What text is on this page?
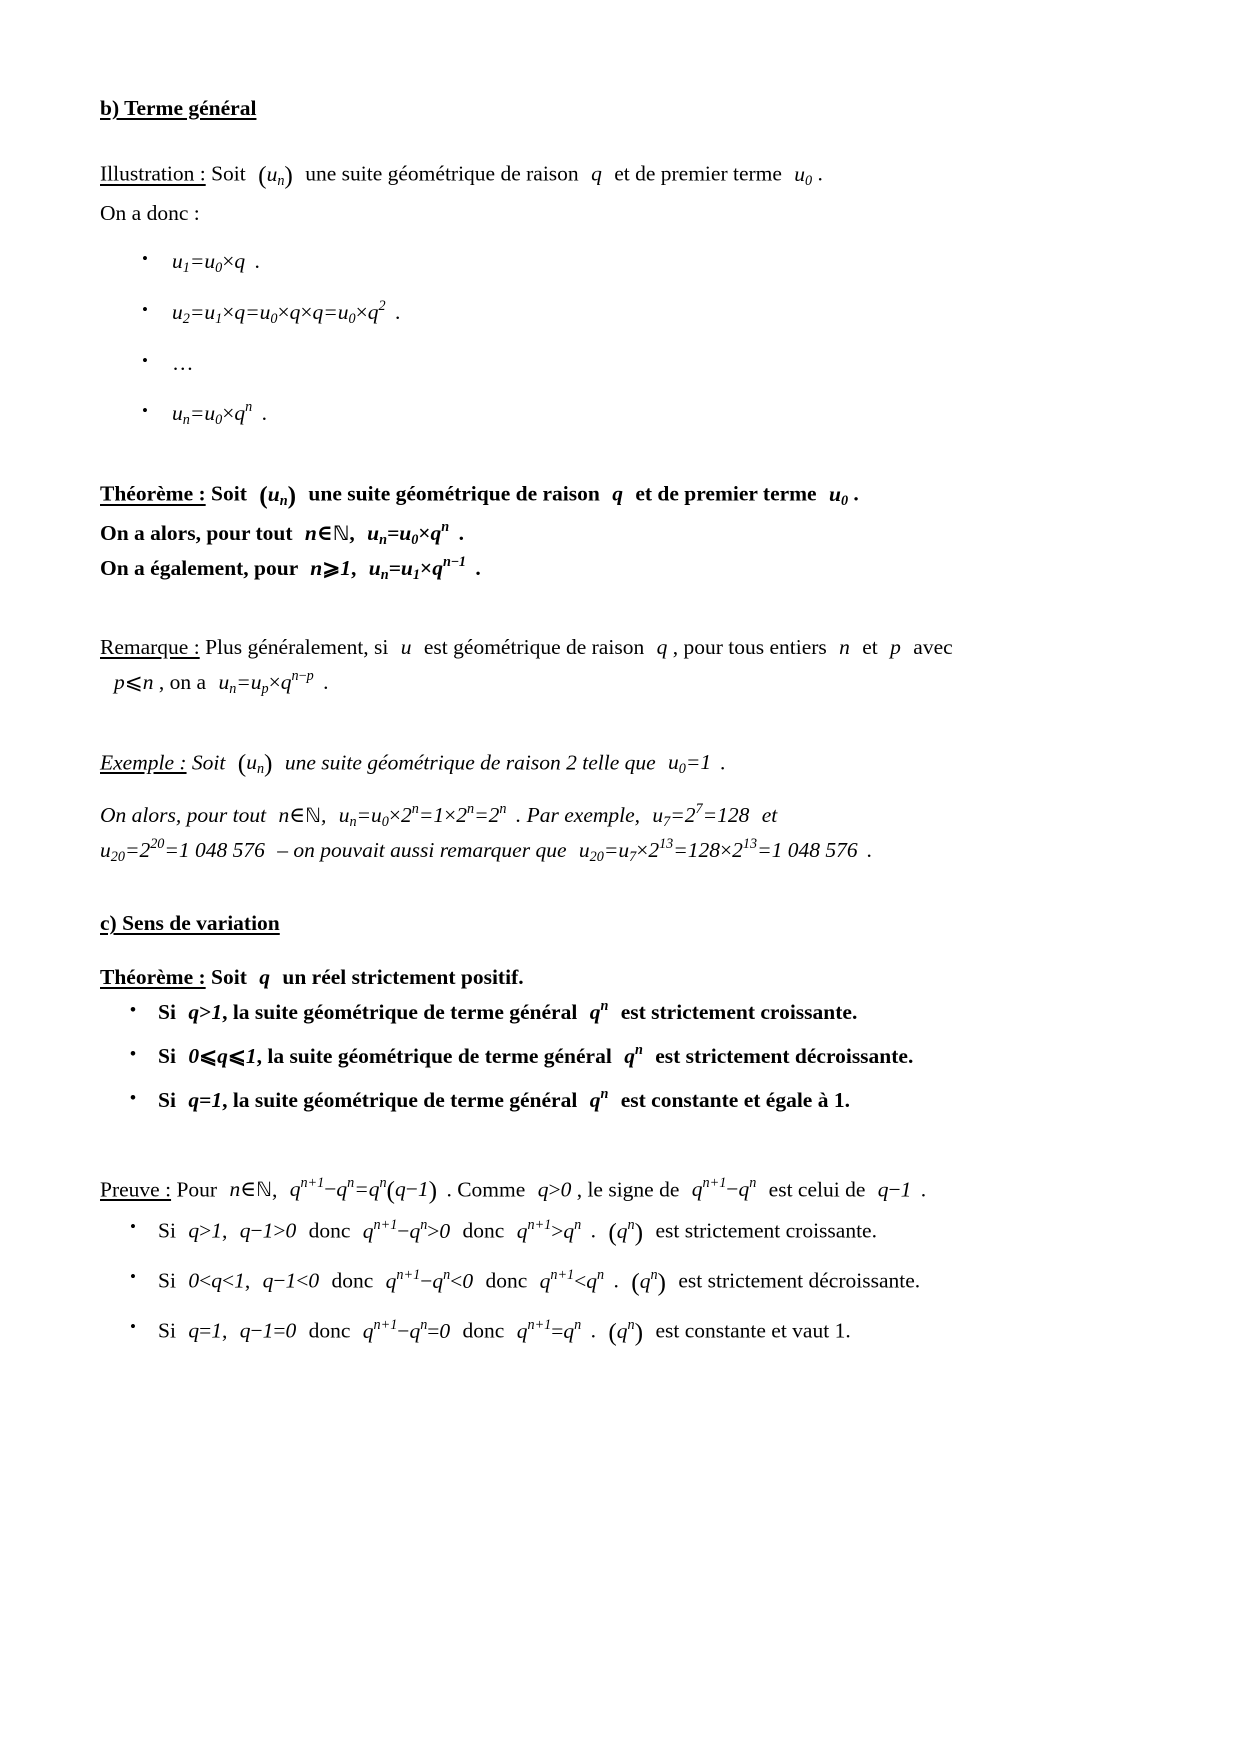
b) Terme général
Illustration : Soit $(u_n)$ une suite géométrique de raison q et de premier terme $u_0$ .
On a donc :
• $u_1=u_0\times q$ .
• $u_2=u_1\times q=u_0\times q\times q=u_0\times q^2$ .
• …
• $u_n=u_0\times q^n$ .
Théorème : Soit $(u_n)$ une suite géométrique de raison q et de premier terme $u_0$ .
On a alors, pour tout n∈ℕ, $u_n=u_0\times q^n$ .
On a également, pour n⩾1, $u_n=u_1\times q^{n-1}$ .
Remarque : Plus généralement, si u est géométrique de raison q , pour tous entiers n et p avec
p⩽n , on a $u_n=u_p\times q^{n-p}$ .
Exemple : Soit $(u_n)$ une suite géométrique de raison 2 telle que $u_0=1$ .
On alors, pour tout n∈ℕ, $u_n=u_0\times 2^n=1\times 2^n=2^n$ . Par exemple, $u_7=2^7=128$ et
$u_{20}=2^{20}=1$ 048 576 – on pouvait aussi remarquer que $u_{20}=u_7\times 2^{13}=128\times 2^{13}=1$ 048 576 .
c) Sens de variation
Théorème : Soit q un réel strictement positif.
• Si q>1, la suite géométrique de terme général $q^n$ est strictement croissante.
• Si 0⩽q⩽1, la suite géométrique de terme général $q^n$ est strictement décroissante.
• Si q=1, la suite géométrique de terme général $q^n$ est constante et égale à 1.
Preuve : Pour n∈ℕ, $q^{n+1}-q^n=q^n(q-1)$ . Comme q>0 , le signe de $q^{n+1}-q^n$ est celui de q−1 .
• Si q>1, q−1>0 donc $q^{n+1}-q^n>0$ donc $q^{n+1}>q^n$ . $(q^n)$ est strictement croissante.
• Si 0<q<1, q−1<0 donc $q^{n+1}-q^n<0$ donc $q^{n+1}<q^n$ . $(q^n)$ est strictement décroissante.
• Si q=1, q−1=0 donc $q^{n+1}-q^n=0$ donc $q^{n+1}=q^n$ . $(q^n)$ est constante et vaut 1.
